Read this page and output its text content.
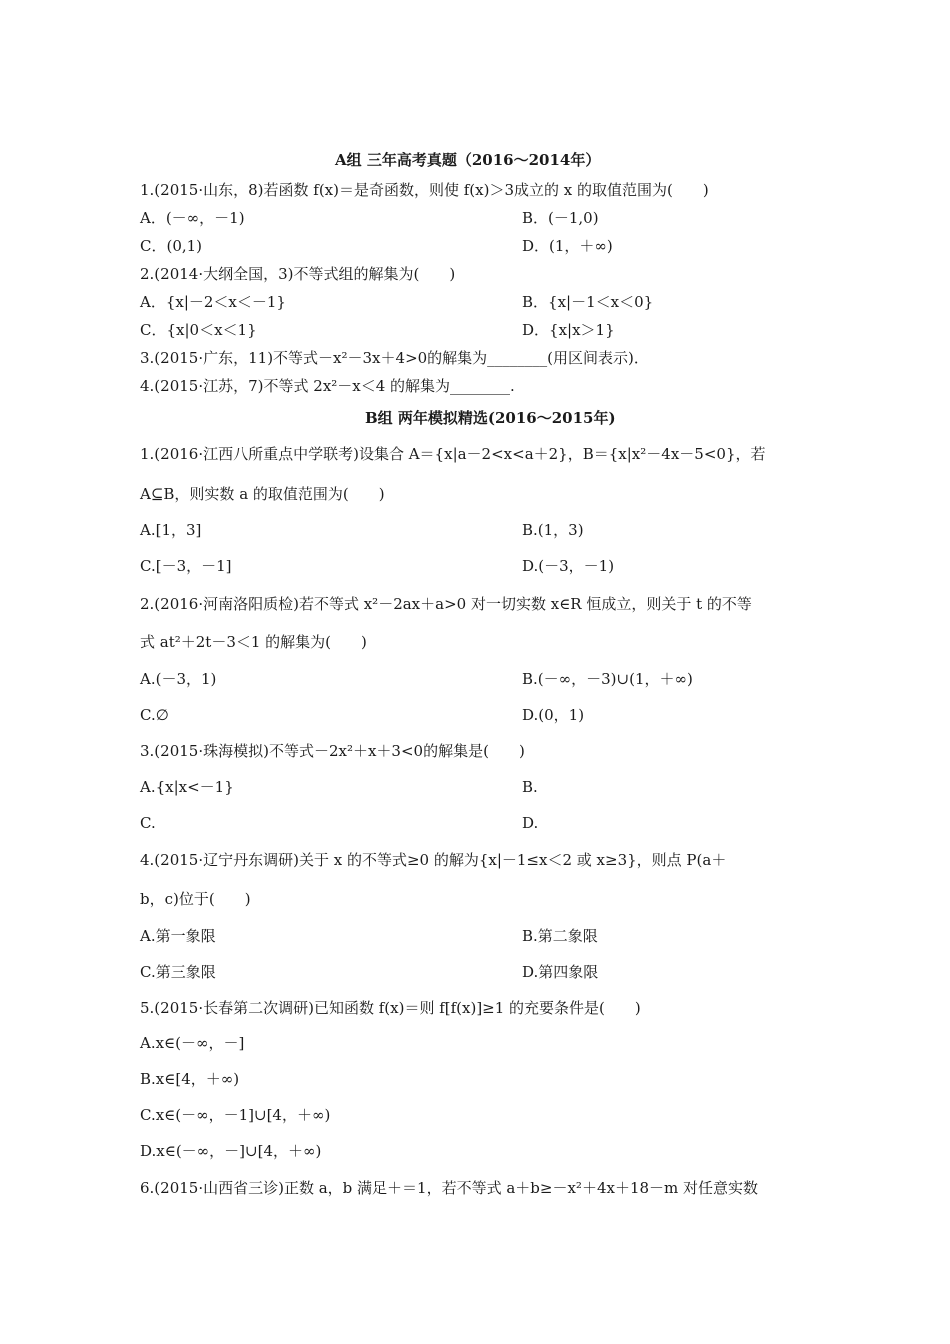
A组 三年高考真题（2016～2014年）
1.(2015·山东，8)若函数 f(x)＝是奇函数，则使 f(x)＞3成立的 x 的取值范围为(　　)
A．(－∞，－1)	B．(－1,0)
C．(0,1)	D．(1，＋∞)
2.(2014·大纲全国，3)不等式组的解集为(　　)
A．{x|－2＜x＜－1}	B．{x|－1＜x＜0}
C．{x|0＜x＜1}	D．{x|x＞1}
3.(2015·广东，11)不等式－x²－3x＋4>0的解集为________(用区间表示)．
4.(2015·江苏，7)不等式 2x²－x＜4 的解集为________.
B组 两年模拟精选(2016～2015年)
1.(2016·江西八所重点中学联考)设集合 A＝{x|a－2<x<a＋2}，B＝{x|x²－4x－5<0}，若
A⊆B，则实数 a 的取值范围为(　　)
A.[1，3]	B.(1，3)
C.[－3，－1]	D.(－3，－1)
2.(2016·河南洛阳质检)若不等式 x²－2ax＋a>0 对一切实数 x∈R 恒成立，则关于 t 的不等
式 at²＋2t－3＜1 的解集为(　　)
A.(－3，1)	B.(－∞，－3)∪(1，＋∞)
C.∅	D.(0，1)
3.(2015·珠海模拟)不等式－2x²＋x＋3<0的解集是(　　)
A.{x|x<－1}	B.
C.	D.
4.(2015·辽宁丹东调研)关于 x 的不等式≥0 的解为{x|－1≤x＜2 或 x≥3}，则点 P(a＋
b，c)位于(　　)
A.第一象限	B.第二象限
C.第三象限	D.第四象限
5.(2015·长春第二次调研)已知函数 f(x)＝则 f[f(x)]≥1 的充要条件是(　　)
A.x∈(－∞，－]
B.x∈[4，＋∞)
C.x∈(－∞，－1]∪[4，＋∞)
D.x∈(－∞，－]∪[4，＋∞)
6.(2015·山西省三诊)正数 a，b 满足＋＝1，若不等式 a＋b≥－x²＋4x＋18－m 对任意实数
